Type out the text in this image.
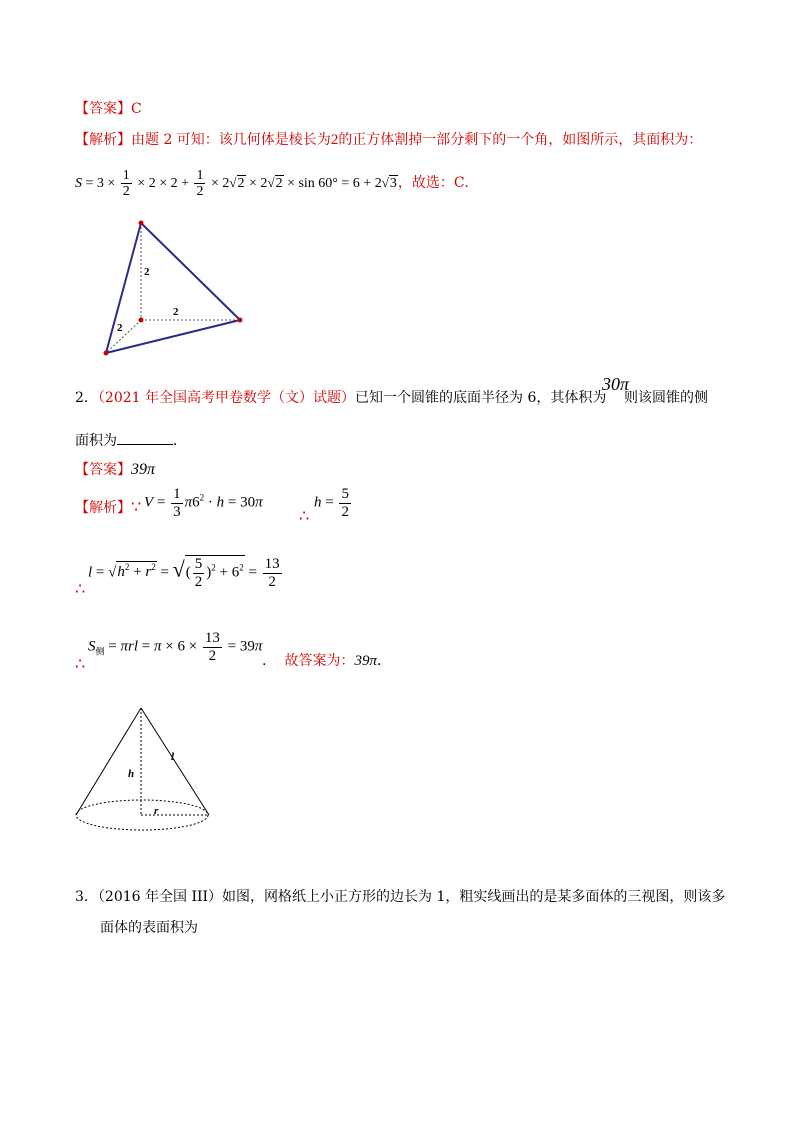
【答案】C
【解析】由题 2 可知：该几何体是棱长为2的正方体割掉一部分剩下的一个角，如图所示，其面积为：
$S = 3 \times \frac{1}{2} \times 2 \times 2 + \frac{1}{2} \times 2√2 \times 2√2 \times \sin 60^\circ = 6 + 2√3$，故选：C．
2
2
2
2．（2021 年全国高考甲卷数学（文）试题）已知一个圆锥的底面半径为 6，其体积为
30π
则该圆锥的侧
面积为	．
【答案】39π
【解析】∵ $V = \frac{1}{3} \pi 6^2 \cdot h = 30\pi$
∴
$h = \frac{5}{2}$
∴
$l = √h^2 + r^2$ = √( $\frac{5}{2} )^2 + 6^2 = \frac{13}{2}$
∴
$S_侧 = \pi rl = \pi \times 6 \times \frac{13}{2} = 39\pi$
. 故答案为：39π．
h
l
r
3．（2016 年全国 III）如图，网格纸上小正方形的边长为 1，粗实线画出的是某多面体的三视图，则该多
面体的表面积为
